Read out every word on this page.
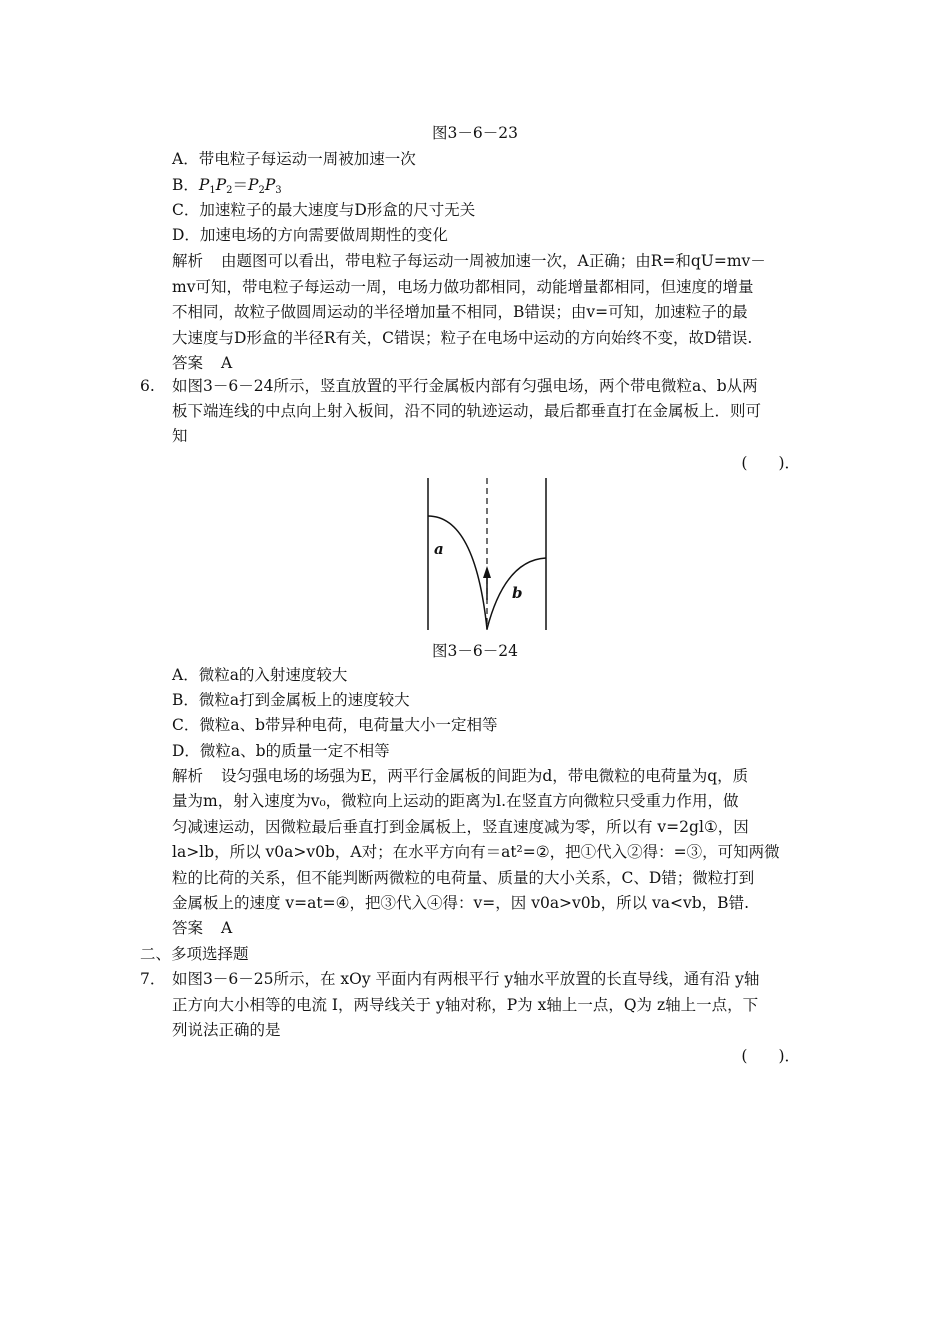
图3－6－23
A．带电粒子每运动一周被加速一次
B．$P_1P_2=P_2P_3$
C．加速粒子的最大速度与D形盒的尺寸无关
D．加速电场的方向需要做周期性的变化
解析 由题图可以看出，带电粒子每运动一周被加速一次，A正确；由R=和qU=mv－
mv可知，带电粒子每运动一周，电场力做功都相同，动能增量都相同，但速度的增量
不相同，故粒子做圆周运动的半径增加量不相同，B错误；由v=可知，加速粒子的最
大速度与D形盒的半径R有关，C错误；粒子在电场中运动的方向始终不变，故D错误.
答案 A
6. 如图3－6－24所示，竖直放置的平行金属板内部有匀强电场，两个带电微粒a、b从两
板下端连线的中点向上射入板间，沿不同的轨迹运动，最后都垂直打在金属板上．则可
知
(　　)．
a
b
图3－6－24
A．微粒a的入射速度较大
B．微粒a打到金属板上的速度较大
C．微粒a、b带异种电荷，电荷量大小一定相等
D．微粒a、b的质量一定不相等
解析 设匀强电场的场强为E，两平行金属板的间距为d，带电微粒的电荷量为q，质
量为m，射入速度为v₀，微粒向上运动的距离为l.在竖直方向微粒只受重力作用，做
匀减速运动，因微粒最后垂直打到金属板上，竖直速度减为零，所以有 v=2gl①，因
la>lb，所以 v0a>v0b，A对；在水平方向有＝at²=②，把①代入②得：=③，可知两微
粒的比荷的关系，但不能判断两微粒的电荷量、质量的大小关系，C、D错；微粒打到
金属板上的速度 v=at=④，把③代入④得：v=，因 v0a>v0b，所以 va<vb，B错.
答案 A
二、多项选择题
7． 如图3－6－25所示，在 xOy 平面内有两根平行 y轴水平放置的长直导线，通有沿 y轴
正方向大小相等的电流 I，两导线关于 y轴对称，P为 x轴上一点，Q为 z轴上一点，下
列说法正确的是
(　　)．
